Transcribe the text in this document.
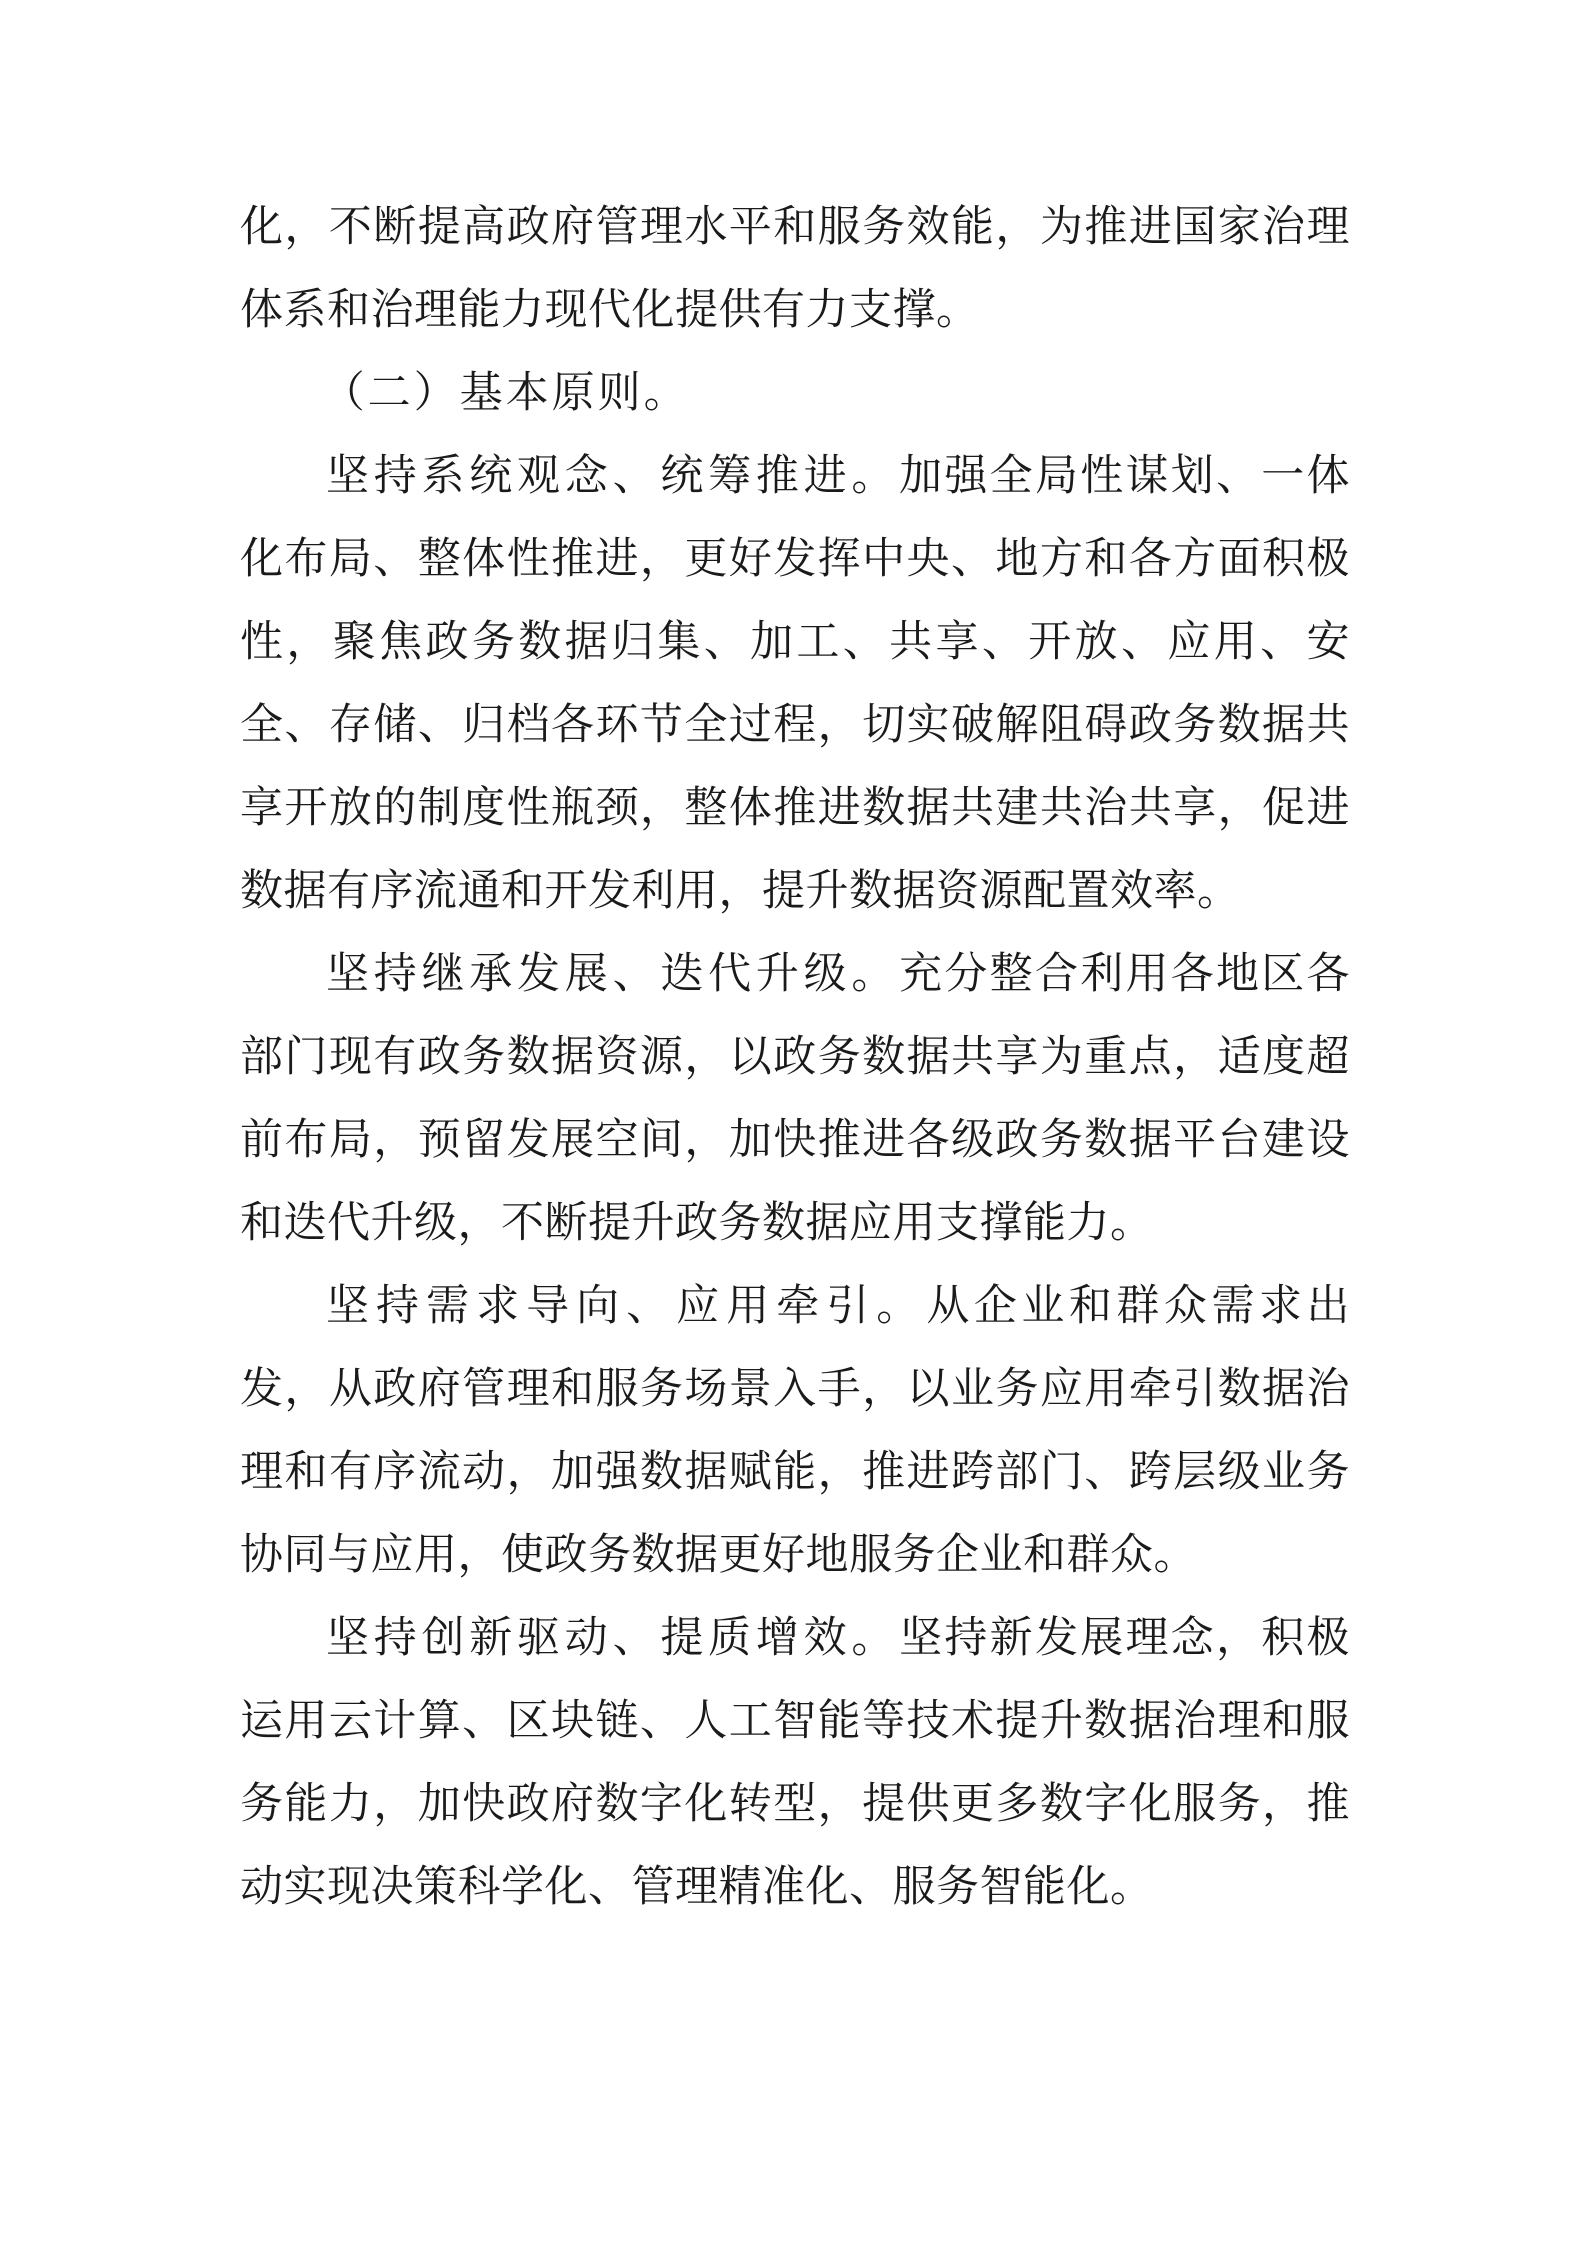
化，不断提高政府管理水平和服务效能，为推进国家治理体系和治理能力现代化提供有力支撑。

（二）基本原则。

坚持系统观念、统筹推进。加强全局性谋划、一体化布局、整体性推进，更好发挥中央、地方和各方面积极性，聚焦政务数据归集、加工、共享、开放、应用、安全、存储、归档各环节全过程，切实破解阻碍政务数据共享开放的制度性瓶颈，整体推进数据共建共治共享，促进数据有序流通和开发利用，提升数据资源配置效率。

坚持继承发展、迭代升级。充分整合利用各地区各部门现有政务数据资源，以政务数据共享为重点，适度超前布局，预留发展空间，加快推进各级政务数据平台建设和迭代升级，不断提升政务数据应用支撑能力。

坚持需求导向、应用牵引。从企业和群众需求出发，从政府管理和服务场景入手，以业务应用牵引数据治理和有序流动，加强数据赋能，推进跨部门、跨层级业务协同与应用，使政务数据更好地服务企业和群众。

坚持创新驱动、提质增效。坚持新发展理念，积极运用云计算、区块链、人工智能等技术提升数据治理和服务能力，加快政府数字化转型，提供更多数字化服务，推动实现决策科学化、管理精准化、服务智能化。
